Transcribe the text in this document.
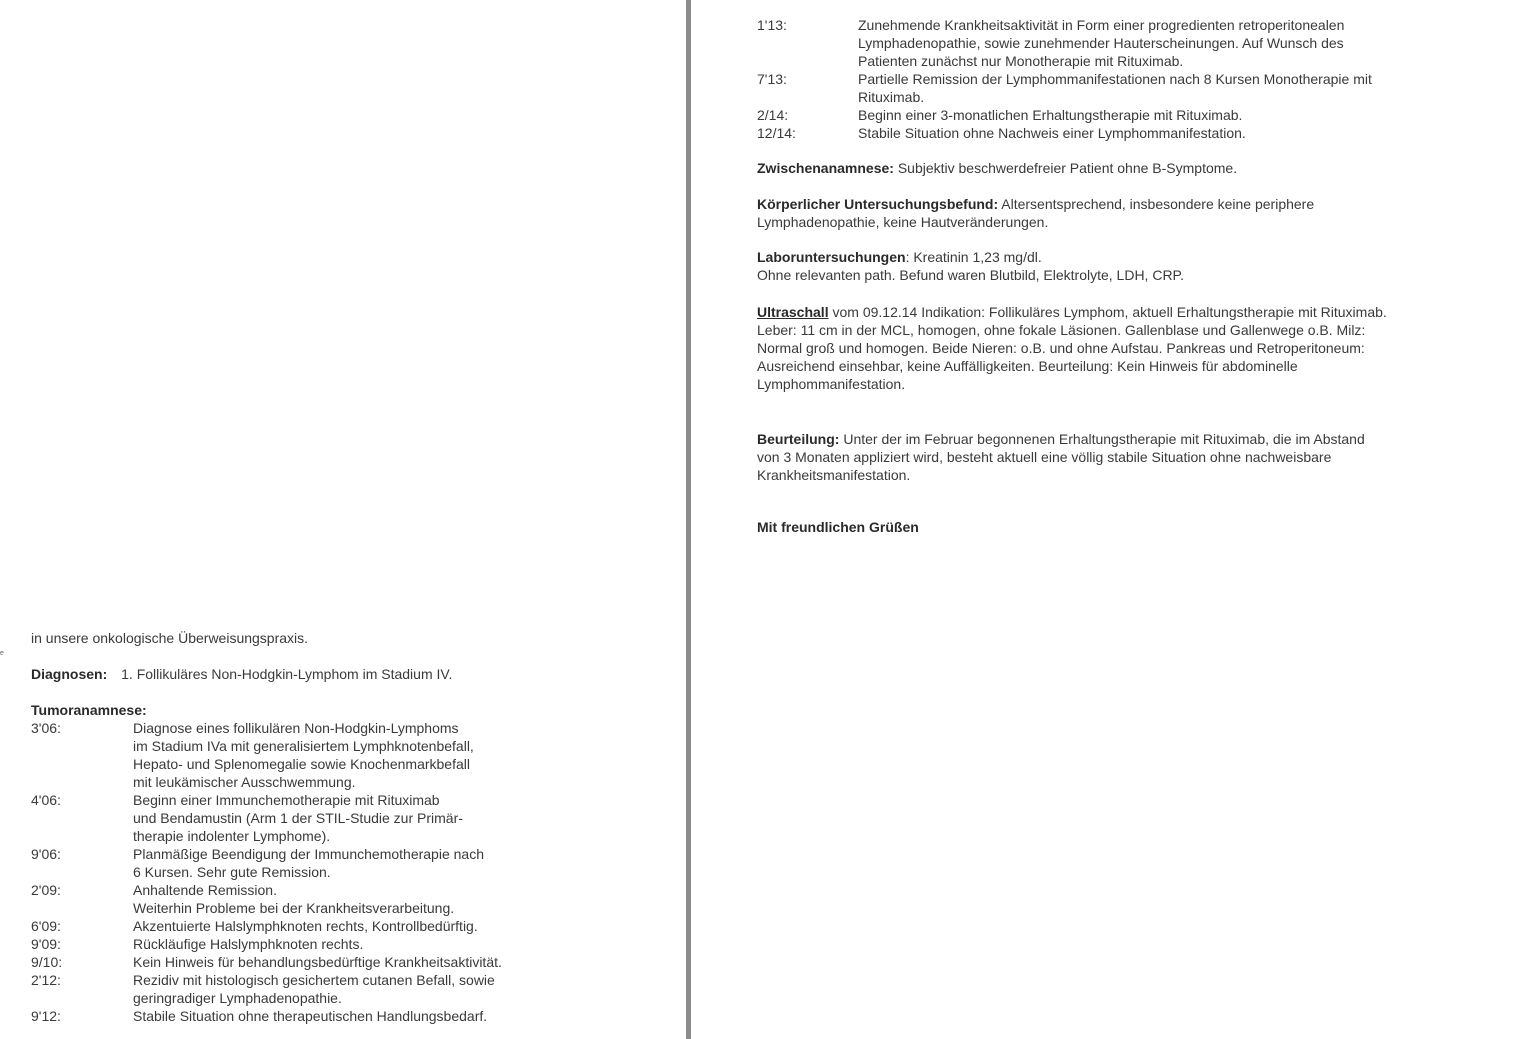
e
in unsere onkologische Überweisungspraxis.
Diagnosen: 1. Follikuläres Non-Hodgkin-Lymphom im Stadium IV.
Tumoranamnese:
3'06:	Diagnose eines follikulären Non-Hodgkin-Lymphoms
im Stadium IVa mit generalisiertem Lymphknotenbefall,
Hepato- und Splenomegalie sowie Knochenmarkbefall
mit leukämischer Ausschwemmung.
4'06:	Beginn einer Immunchemotherapie mit Rituximab
und Bendamustin (Arm 1 der STIL-Studie zur Primär-
therapie indolenter Lymphome).
9'06:	Planmäßige Beendigung der Immunchemotherapie nach
6 Kursen. Sehr gute Remission.
2'09:	Anhaltende Remission.
Weiterhin Probleme bei der Krankheitsverarbeitung.
6'09:	Akzentuierte Halslymphknoten rechts, Kontrollbedürftig.
9'09:	Rückläufige Halslymphknoten rechts.
9/10:	Kein Hinweis für behandlungsbedürftige Krankheitsaktivität.
2'12:	Rezidiv mit histologisch gesichertem cutanen Befall, sowie
geringradiger Lymphadenopathie.
9'12:	Stabile Situation ohne therapeutischen Handlungsbedarf.
1'13:	Zunehmende Krankheitsaktivität in Form einer progredienten retroperitonealen
Lymphadenopathie, sowie zunehmender Hauterscheinungen. Auf Wunsch des
Patienten zunächst nur Monotherapie mit Rituximab.
7'13:	Partielle Remission der Lymphommanifestationen nach 8 Kursen Monotherapie mit
Rituximab.
2/14:	Beginn einer 3-monatlichen Erhaltungstherapie mit Rituximab.
12/14:	Stabile Situation ohne Nachweis einer Lymphommanifestation.
Zwischenanamnese: Subjektiv beschwerdefreier Patient ohne B-Symptome.
Körperlicher Untersuchungsbefund: Altersentsprechend, insbesondere keine periphere
Lymphadenopathie, keine Hautveränderungen.
Laboruntersuchungen: Kreatinin 1,23 mg/dl.
Ohne relevanten path. Befund waren Blutbild, Elektrolyte, LDH, CRP.
Ultraschall vom 09.12.14 Indikation: Follikuläres Lymphom, aktuell Erhaltungstherapie mit Rituximab.
Leber: 11 cm in der MCL, homogen, ohne fokale Läsionen. Gallenblase und Gallenwege o.B. Milz:
Normal groß und homogen. Beide Nieren: o.B. und ohne Aufstau. Pankreas und Retroperitoneum:
Ausreichend einsehbar, keine Auffälligkeiten. Beurteilung: Kein Hinweis für abdominelle
Lymphommanifestation.
Beurteilung: Unter der im Februar begonnenen Erhaltungstherapie mit Rituximab, die im Abstand
von 3 Monaten appliziert wird, besteht aktuell eine völlig stabile Situation ohne nachweisbare
Krankheitsmanifestation.
Mit freundlichen Grüßen
